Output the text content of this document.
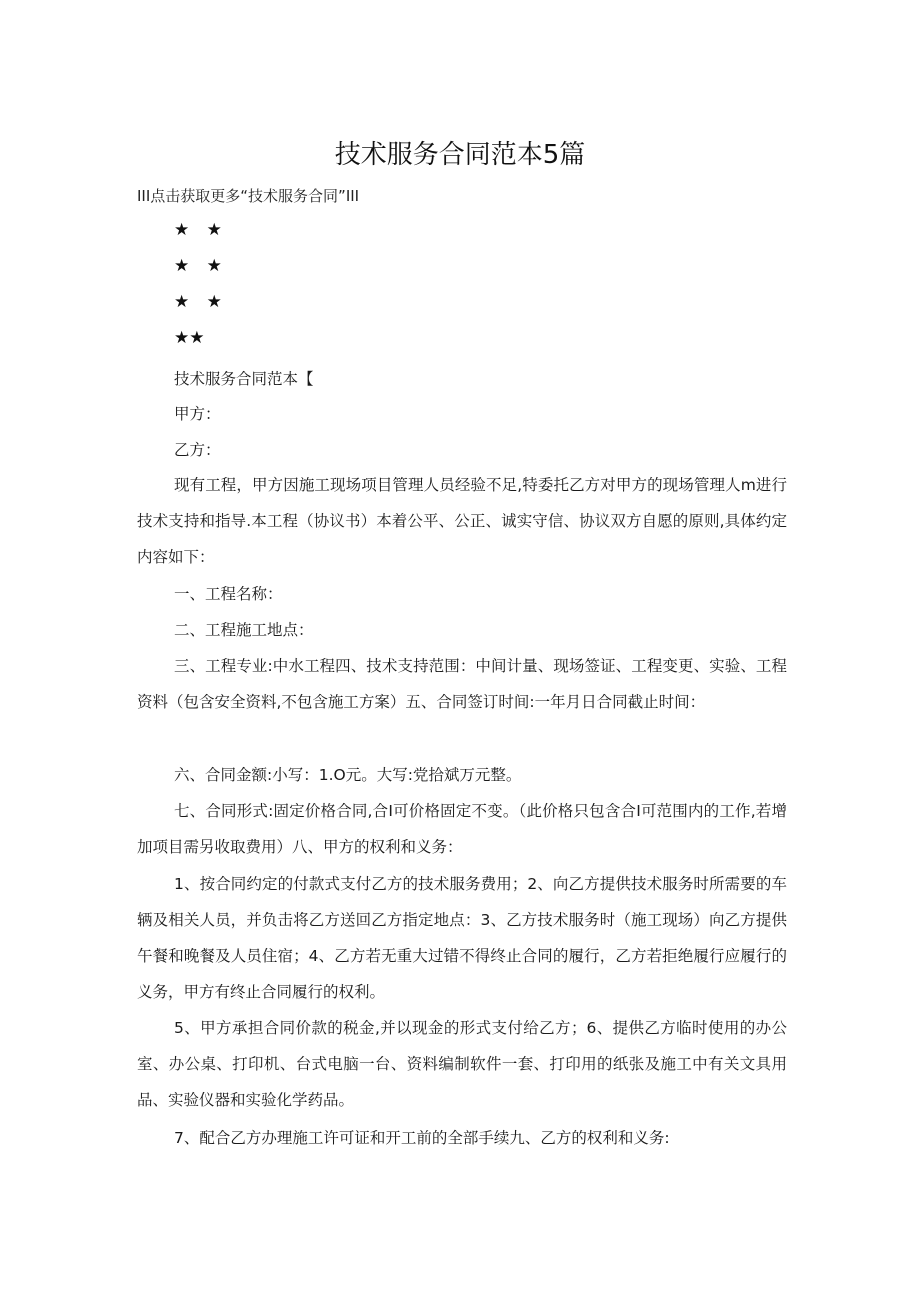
技术服务合同范本5篇
III点击获取更多“技术服务合同”III
★ ★
★ ★
★ ★
★★
技术服务合同范本【
甲方：
乙方：
现有工程，甲方因施工现场项目管理人员经验不足,特委托乙方对甲方的现场管理人m进行技术支持和指导.本工程（协议书）本着公平、公正、诚实守信、协议双方自愿的原则,具体约定内容如下：
一、工程名称：
二、工程施工地点：
三、工程专业:中水工程四、技术支持范围：中间计量、现场签证、工程变更、实验、工程资料（包含安全资料,不包含施工方案）五、合同签订时间:一年月日合同截止时间：
六、合同金额:小写：1.O元。大写:党拾斌万元整。
七、合同形式:固定价格合同,合I可价格固定不变。（此价格只包含合I可范围内的工作,若增加项目需另收取费用）八、甲方的权利和义务：
1、按合同约定的付款式支付乙方的技术服务费用；2、向乙方提供技术服务时所需要的车辆及相关人员，并负击将乙方送回乙方指定地点：3、乙方技术服务时（施工现场）向乙方提供午餐和晚餐及人员住宿；4、乙方若无重大过错不得终止合同的履行，乙方若拒绝履行应履行的义务，甲方有终止合同履行的权利。
5、甲方承担合同价款的税金,并以现金的形式支付给乙方；6、提供乙方临时使用的办公室、办公桌、打印机、台式电脑一台、资料编制软件一套、打印用的纸张及施工中有关文具用品、实验仪器和实验化学药品。
7、配合乙方办理施工许可证和开工前的全部手续九、乙方的权利和义务:
